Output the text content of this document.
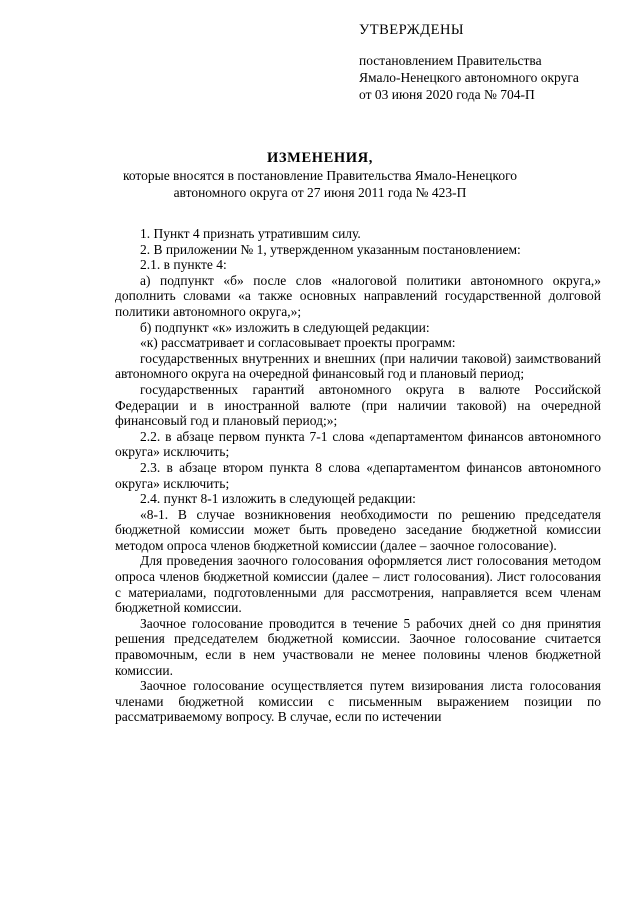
УТВЕРЖДЕНЫ
постановлением Правительства
Ямало-Ненецкого автономного округа
от 03 июня 2020 года № 704-П
ИЗМЕНЕНИЯ,
которые вносятся в постановление Правительства Ямало-Ненецкого
автономного округа от 27 июня 2011 года № 423-П

1. Пункт 4 признать утратившим силу.

2. В приложении № 1, утвержденном указанным постановлением:

2.1. в пункте 4:

а) подпункт «б» после слов «налоговой политики автономного округа,» дополнить словами «а также основных направлений государственной долговой политики автономного округа,»;

б) подпункт «к» изложить в следующей редакции:

«к) рассматривает и согласовывает проекты программ:

государственных внутренних и внешних (при наличии таковой) заимствований автономного округа на очередной финансовый год и плановый период;

государственных гарантий автономного округа в валюте Российской Федерации и в иностранной валюте (при наличии таковой) на очередной финансовый год и плановый период;»;

2.2. в абзаце первом пункта 7-1 слова «департаментом финансов автономного округа» исключить;

2.3. в абзаце втором пункта 8 слова «департаментом финансов автономного округа» исключить;

2.4. пункт 8-1 изложить в следующей редакции:

«8-1. В случае возникновения необходимости по решению председателя бюджетной комиссии может быть проведено заседание бюджетной комиссии методом опроса членов бюджетной комиссии (далее – заочное голосование).

Для проведения заочного голосования оформляется лист голосования методом опроса членов бюджетной комиссии (далее – лист голосования). Лист голосования с материалами, подготовленными для рассмотрения, направляется всем членам бюджетной комиссии.

Заочное голосование проводится в течение 5 рабочих дней со дня принятия решения председателем бюджетной комиссии. Заочное голосование считается правомочным, если в нем участвовали не менее половины членов бюджетной комиссии.

Заочное голосование осуществляется путем визирования листа голосования членами бюджетной комиссии с письменным выражением позиции по рассматриваемому вопросу. В случае, если по истечении
